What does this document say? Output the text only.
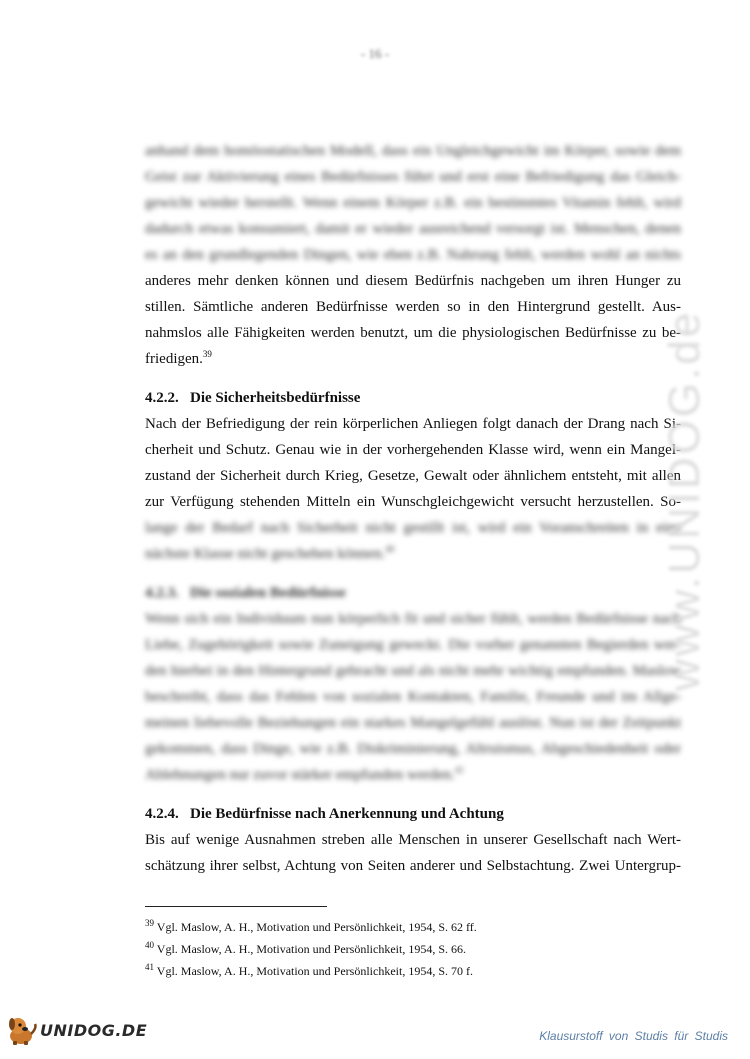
- 16 -
anhand dem homöostatischen Modell, dass ein Ungleichgewicht im Körper, sowie dem
Geist zur Aktivierung eines Bedürfnisses führt und erst eine Befriedigung das Gleich-
gewicht wieder herstellt. Wenn einem Körper z.B. ein bestimmtes Vitamin fehlt, wird
dadurch etwas konsumiert, damit er wieder ausreichend versorgt ist. Menschen, denen
es an den grundlegenden Dingen, wie eben z.B. Nahrung fehlt, werden wohl an nichts
anderes mehr denken können und diesem Bedürfnis nachgeben um ihren Hunger zu
stillen. Sämtliche anderen Bedürfnisse werden so in den Hintergrund gestellt. Aus-
nahmslos alle Fähigkeiten werden benutzt, um die physiologischen Bedürfnisse zu be-
friedigen.$^{39}$
4.2.2. Die Sicherheitsbedürfnisse
Nach der Befriedigung der rein körperlichen Anliegen folgt danach der Drang nach Si-
cherheit und Schutz. Genau wie in der vorhergehenden Klasse wird, wenn ein Mangel-
zustand der Sicherheit durch Krieg, Gesetze, Gewalt oder ähnlichem entsteht, mit allen
zur Verfügung stehenden Mitteln ein Wunschgleichgewicht versucht herzustellen. So-
lange der Bedarf nach Sicherheit nicht gestillt ist, wird ein Voranschreiten in eine
nächste Klasse nicht geschehen können.$^{40}$
4.2.3. Die sozialen Bedürfnisse
Wenn sich ein Individuum nun körperlich fit und sicher fühlt, werden Bedürfnisse nach
Liebe, Zugehörigkeit sowie Zuneigung geweckt. Die vorher genannten Begierden wer-
den hierbei in den Hintergrund gebracht und als nicht mehr wichtig empfunden. Maslow
beschreibt, dass das Fehlen von sozialen Kontakten, Familie, Freunde und im Allge-
meinen liebevolle Beziehungen ein starkes Mangelgefühl auslöst. Nun ist der Zeitpunkt
gekommen, dass Dinge, wie z.B. Diskriminierung, Altruismus, Abgeschiedenheit oder
Ablehnungen nur zuvor stärker empfunden werden.$^{41}$
4.2.4. Die Bedürfnisse nach Anerkennung und Achtung
Bis auf wenige Ausnahmen streben alle Menschen in unserer Gesellschaft nach Wert-
schätzung ihrer selbst, Achtung von Seiten anderer und Selbstachtung. Zwei Untergrup-
$^{39}$ Vgl. Maslow, A. H., Motivation und Persönlichkeit, 1954, S. 62 ff.
$^{40}$ Vgl. Maslow, A. H., Motivation und Persönlichkeit, 1954, S. 66.
$^{41}$ Vgl. Maslow, A. H., Motivation und Persönlichkeit, 1954, S. 70 f.
www.UNIDOG.de
UNIDOG.DE	Klausurstoff von Studis für Studis
